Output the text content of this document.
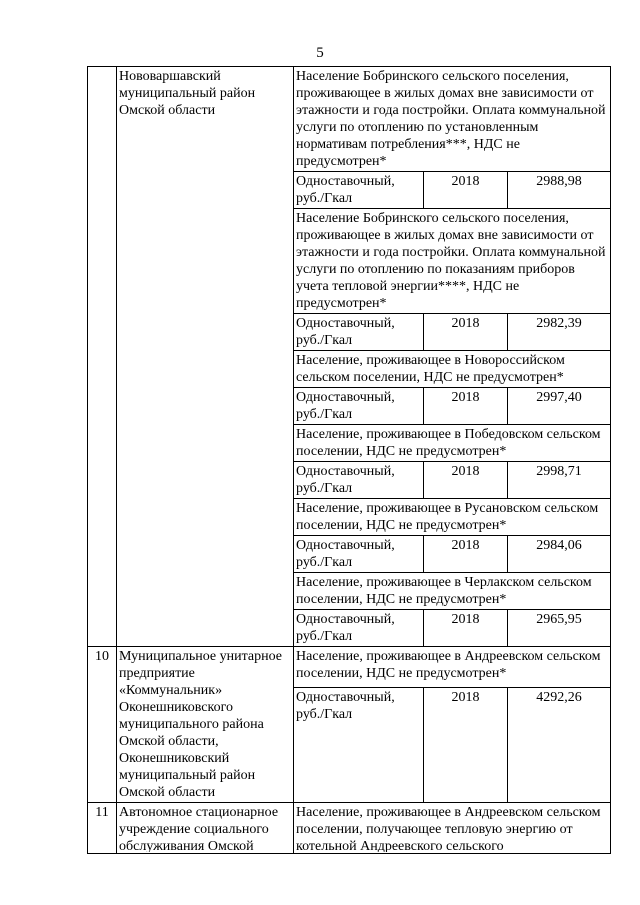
5
	Нововаршавский муниципальный район Омской области	Население Бобринского сельского поселения, проживающее в жилых домах вне зависимости от этажности и года постройки. Оплата коммунальной услуги по отоплению по установленным нормативам потребления***, НДС не предусмотрен*		
		Одноставочный, руб./Гкал	2018	2988,98
		Население Бобринского сельского поселения, проживающее в жилых домах вне зависимости от этажности и года постройки. Оплата коммунальной услуги по отоплению по показаниям приборов учета тепловой энергии****, НДС не предусмотрен*		
		Одноставочный, руб./Гкал	2018	2982,39
		Население, проживающее в Новороссийском сельском поселении, НДС не предусмотрен*		
		Одноставочный, руб./Гкал	2018	2997,40
		Население, проживающее в Победовском сельском поселении, НДС не предусмотрен*		
		Одноставочный, руб./Гкал	2018	2998,71
		Население, проживающее в Русановском сельском поселении, НДС не предусмотрен*		
		Одноставочный, руб./Гкал	2018	2984,06
		Население, проживающее в Черлакском сельском поселении, НДС не предусмотрен*		
		Одноставочный, руб./Гкал	2018	2965,95
10	Муниципальное унитарное предприятие «Коммунальник» Оконешниковского муниципального района Омской области, Оконешниковский муниципальный район Омской области	Население, проживающее в Андреевском сельском поселении, НДС не предусмотрен*		
		Одноставочный, руб./Гкал	2018	4292,26
11	Автономное стационарное учреждение социального обслуживания Омской	Население, проживающее в Андреевском сельском поселении, получающее тепловую энергию от котельной Андреевского сельского		
